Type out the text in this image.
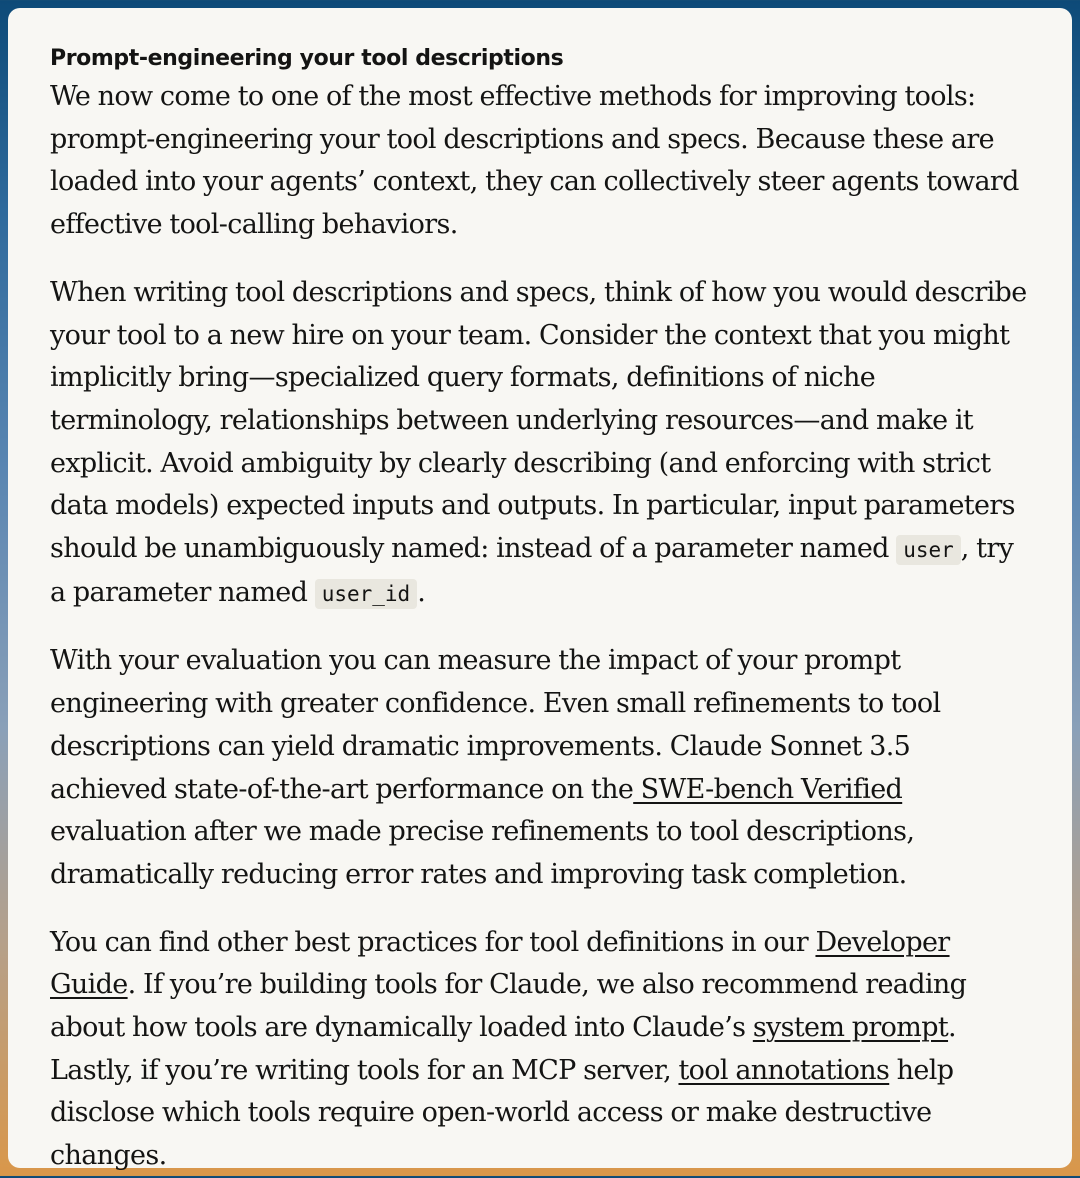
Prompt-engineering your tool descriptions

We now come to one of the most effective methods for improving tools: prompt-engineering your tool descriptions and specs. Because these are loaded into your agents’ context, they can collectively steer agents toward effective tool-calling behaviors.

When writing tool descriptions and specs, think of how you would describe your tool to a new hire on your team. Consider the context that you might implicitly bring—specialized query formats, definitions of niche terminology, relationships between underlying resources—and make it explicit. Avoid ambiguity by clearly describing (and enforcing with strict data models) expected inputs and outputs. In particular, input parameters should be unambiguously named: instead of a parameter named user , try a parameter named user_id .

With your evaluation you can measure the impact of your prompt engineering with greater confidence. Even small refinements to tool descriptions can yield dramatic improvements. Claude Sonnet 3.5 achieved state-of-the-art performance on the SWE-bench Verified evaluation after we made precise refinements to tool descriptions, dramatically reducing error rates and improving task completion.

You can find other best practices for tool definitions in our Developer Guide. If you’re building tools for Claude, we also recommend reading about how tools are dynamically loaded into Claude’s system prompt. Lastly, if you’re writing tools for an MCP server, tool annotations help disclose which tools require open-world access or make destructive changes.
